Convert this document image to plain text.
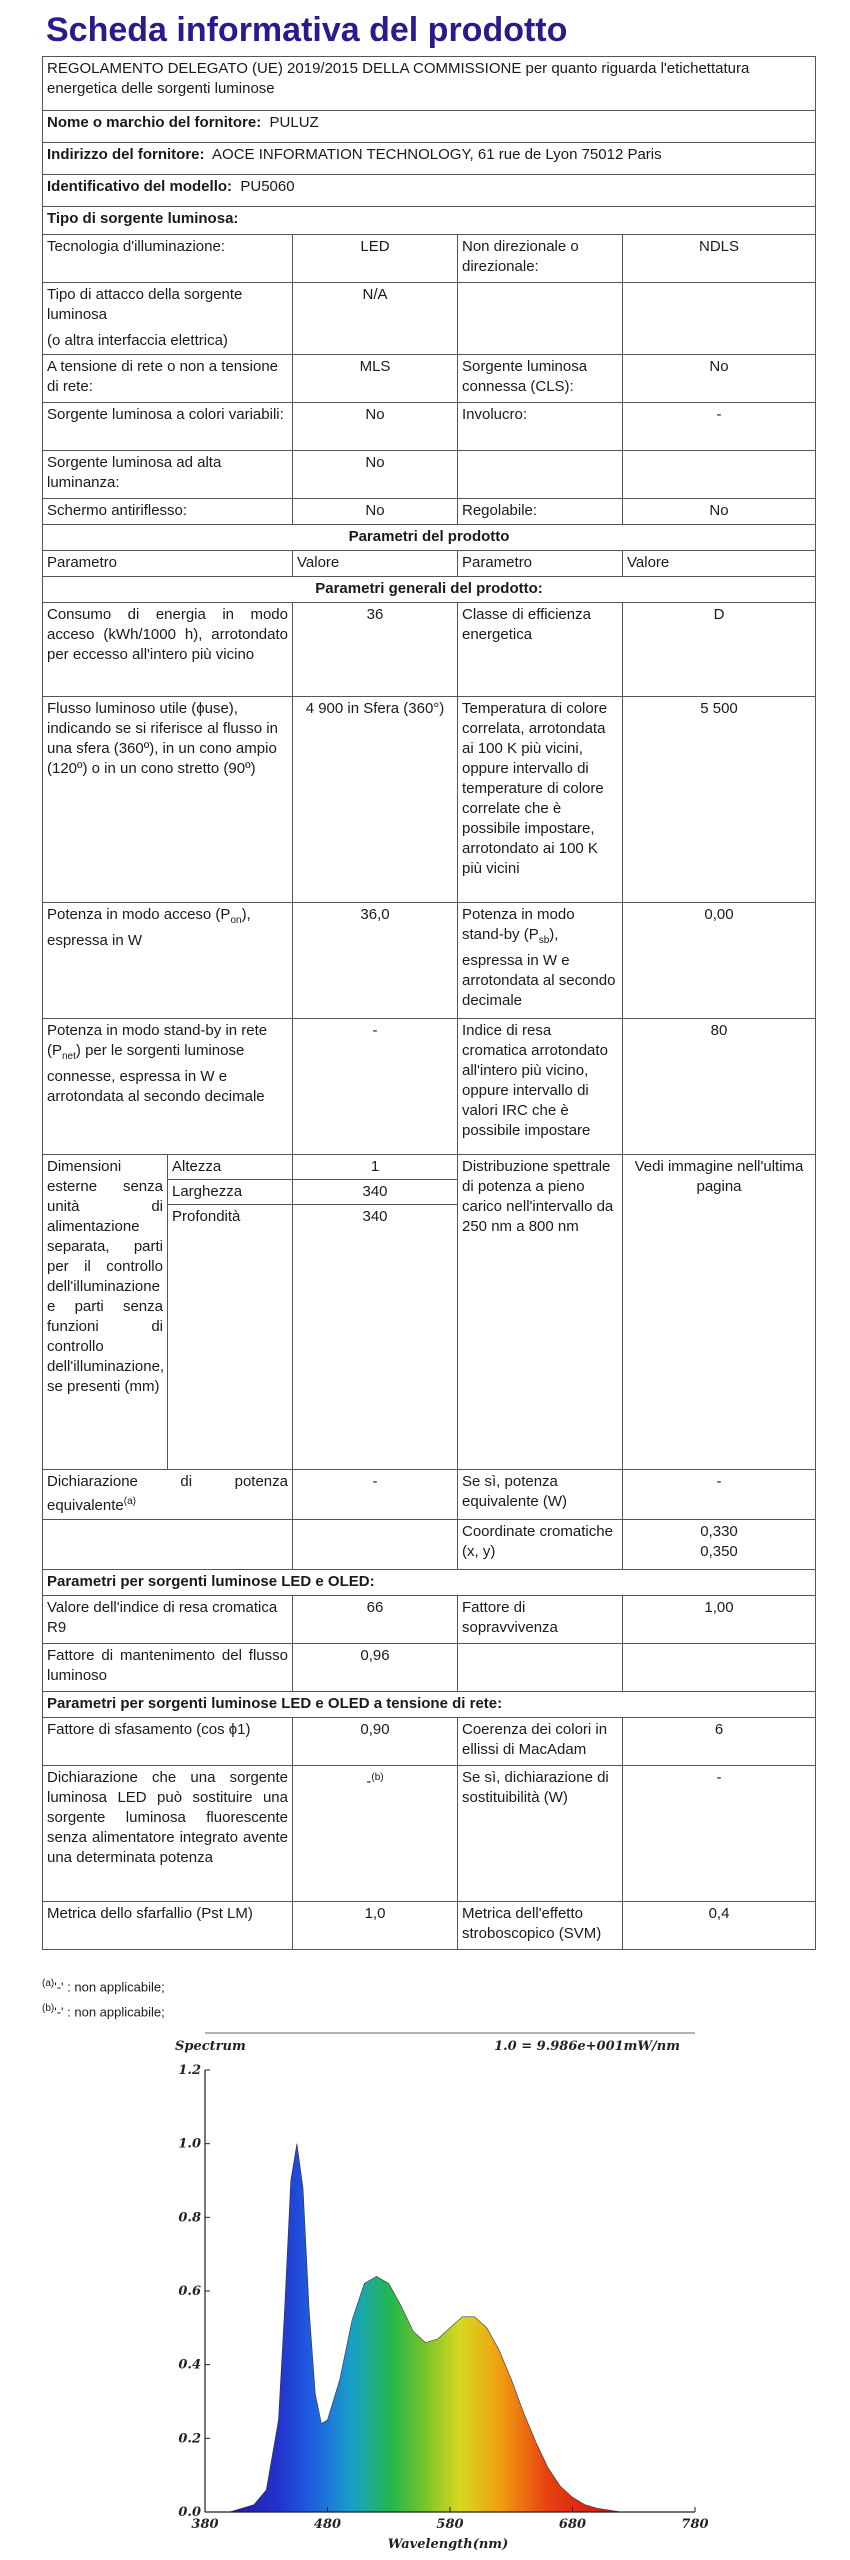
Scheda informativa del prodotto
REGOLAMENTO DELEGATO (UE) 2019/2015 DELLA COMMISSIONE per quanto riguarda l'etichettatura energetica delle sorgenti luminose				
Nome o marchio del fornitore: PULUZ				
Indirizzo del fornitore: AOCE INFORMATION TECHNOLOGY, 61 rue de Lyon 75012 Paris				
Identificativo del modello: PU5060				
Tipo di sorgente luminosa:				
Tecnologia d'illuminazione:		LED	Non direzionale o direzionale:	NDLS

Tipo di attacco della sorgente luminosa
(o altra interfaccia elettrica)		N/A		
A tensione di rete o non a tensione di rete:		MLS	Sorgente luminosa connessa (CLS):	No
Sorgente luminosa a colori variabili:		No	Involucro:	-
Sorgente luminosa ad alta luminanza:		No		
Schermo antiriflesso:		No	Regolabile:	No
Parametri del prodotto				
Parametro		Valore	Parametro	Valore
Parametri generali del prodotto:				
Consumo di energia in modo acceso (kWh/1000 h), arrotondato per eccesso all'intero più vicino		36	Classe di efficienza energetica	D
Flusso luminoso utile (ϕuse), indicando se si riferisce al flusso in una sfera (360º), in un cono ampio (120º) o in un cono stretto (90º)		4 900 in Sfera (360°)	Temperatura di colore correlata, arrotondata ai 100 K più vicini, oppure intervallo di temperature di colore correlate che è possibile impostare, arrotondato ai 100 K più vicini	5 500
Potenza in modo acceso $(P_{on})$, espressa in W		36,0	Potenza in modo stand-by $(P_{sb})$, espressa in W e arrotondata al secondo decimale	0,00
Potenza in modo stand-by in rete $(P_{net})$ per le sorgenti luminose connesse, espressa in W e arrotondata al secondo decimale		-	Indice di resa cromatica arrotondato all'intero più vicino, oppure intervallo di valori IRC che è possibile impostare	80
Dimensioni esterne senza unità di alimentazione separata, parti per il controllo dell'illuminazione e parti senza funzioni di controllo dell'illuminazione, se presenti (mm)	Altezza	1	Distribuzione spettrale di potenza a pieno carico nell'intervallo da 250 nm a 800 nm	Vedi immagine nell'ultima pagina
	Larghezza	340		
	Profondità	340		

Dichiarazione di potenza equivalente$^{(a)}$		-	Se sì, potenza equivalente (W)	-
			Coordinate cromatiche (x, y)	0,330
0,350

Parametri per sorgenti luminose LED e OLED:				
Valore dell'indice di resa cromatica R9		66	Fattore di sopravvivenza	1,00
Fattore di mantenimento del flusso luminoso		0,96		
Parametri per sorgenti luminose LED e OLED a tensione di rete:				
Fattore di sfasamento (cos ϕ1)		0,90	Coerenza dei colori in ellissi di MacAdam	6
Dichiarazione che una sorgente luminosa LED può sostituire una sorgente luminosa fluorescente senza alimentatore integrato avente una determinata potenza		-$^{(b)}$	Se sì, dichiarazione di sostituibilità (W)	-
Metrica dello sfarfallio (Pst LM)		1,0	Metrica dell'effetto stroboscopico (SVM)	0,4
$^{(a)}$'-' : non applicabile;
$^{(b)}$'-' : non applicabile;
Spectrum	1.0 = 9.986e+001mW/nm
0.0
0.2
0.4
0.6
0.8
1.0
1.2
380	480	580	680	780
Wavelength(nm)
